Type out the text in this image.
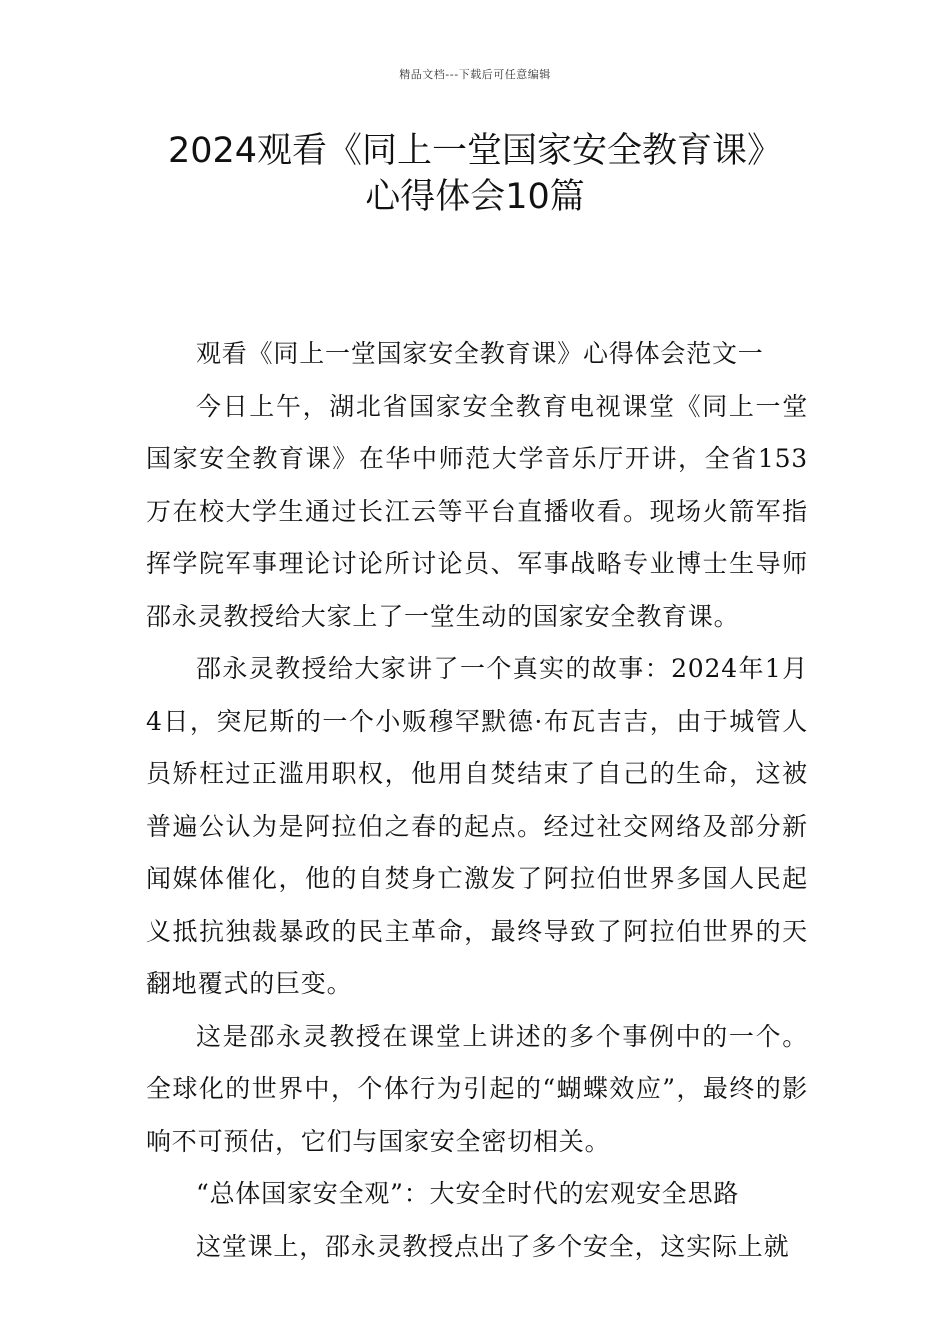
精品文档---下载后可任意编辑
2024观看《同上一堂国家安全教育课》
心得体会10篇

观看《同上一堂国家安全教育课》心得体会范文一

今日上午，湖北省国家安全教育电视课堂《同上一堂国家安全教育课》在华中师范大学音乐厅开讲，全省153万在校大学生通过长江云等平台直播收看。现场火箭军指挥学院军事理论讨论所讨论员、军事战略专业博士生导师邵永灵教授给大家上了一堂生动的国家安全教育课。

邵永灵教授给大家讲了一个真实的故事：2024年1月4日，突尼斯的一个小贩穆罕默德·布瓦吉吉，由于城管人员矫枉过正滥用职权，他用自焚结束了自己的生命，这被普遍公认为是阿拉伯之春的起点。经过社交网络及部分新闻媒体催化，他的自焚身亡激发了阿拉伯世界多国人民起义抵抗独裁暴政的民主革命，最终导致了阿拉伯世界的天翻地覆式的巨变。

这是邵永灵教授在课堂上讲述的多个事例中的一个。全球化的世界中，个体行为引起的“蝴蝶效应”，最终的影响不可预估，它们与国家安全密切相关。

“总体国家安全观”：大安全时代的宏观安全思路

这堂课上，邵永灵教授点出了多个安全，这实际上就
